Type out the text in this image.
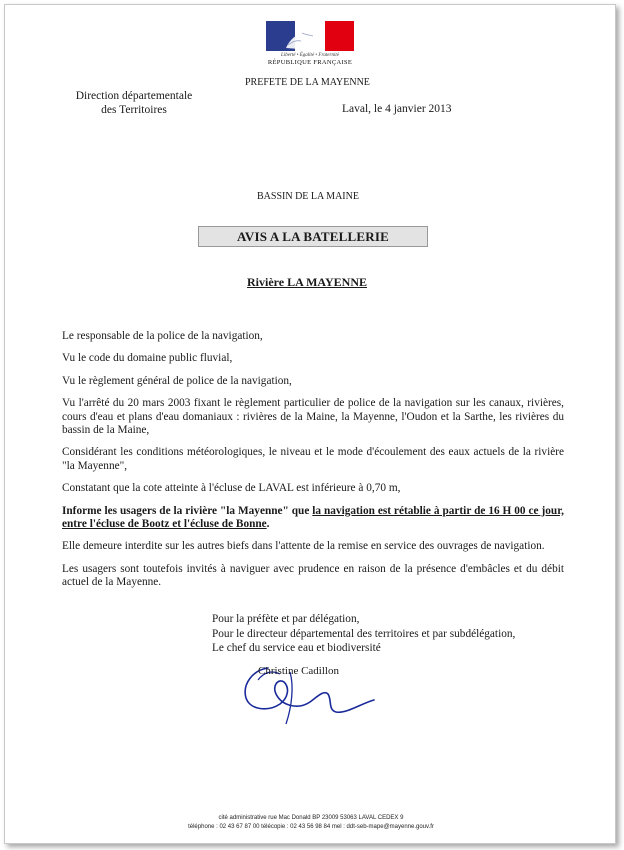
Liberté • Égalité • Fraternité
RÉPUBLIQUE FRANÇAISE
PREFETE DE LA MAYENNE
Direction départementale
des Territoires	Laval, le 4 janvier 2013
BASSIN DE LA MAINE
AVIS A LA BATELLERIE
Rivière LA MAYENNE

Le responsable de la police de la navigation,

Vu le code du domaine public fluvial,

Vu le règlement général de police de la navigation,

Vu l'arrêté du 20 mars 2003 fixant le règlement particulier de police de la navigation sur les canaux, rivières, cours d'eau et plans d'eau domaniaux : rivières de la Maine, la Mayenne, l'Oudon et la Sarthe, les rivières du bassin de la Maine,

Considérant les conditions météorologiques, le niveau et le mode d'écoulement des eaux actuels de la rivière "la Mayenne",

Constatant que la cote atteinte à l'écluse de LAVAL est inférieure à 0,70 m,

Informe les usagers de la rivière "la Mayenne" que la navigation est rétablie à partir de 16 H 00 ce jour, entre l'écluse de Bootz et l'écluse de Bonne.

Elle demeure interdite sur les autres biefs dans l'attente de la remise en service des ouvrages de navigation.

Les usagers sont toutefois invités à naviguer avec prudence en raison de la présence d'embâcles et du débit actuel de la Mayenne.

Pour la préfète et par délégation,
Pour le directeur départemental des territoires et par subdélégation,
Le chef du service eau et biodiversité
Christine Cadillon
cité administrative rue Mac Donald BP 23009 53063 LAVAL CEDEX 9
téléphone : 02 43 67 87 00 télécopie : 02 43 56 98 84 mel : ddt-seb-mape@mayenne.gouv.fr
